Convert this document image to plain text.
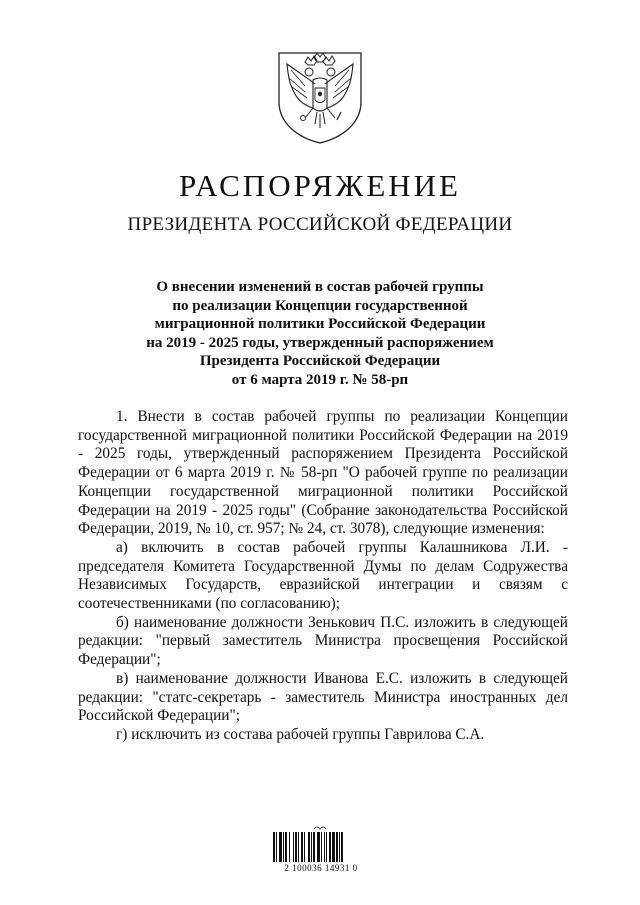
РАСПОРЯЖЕНИЕ
ПРЕЗИДЕНТА РОССИЙСКОЙ ФЕДЕРАЦИИ
О внесении изменений в состав рабочей группы
по реализации Концепции государственной
миграционной политики Российской Федерации
на 2019 - 2025 годы, утвержденный распоряжением
Президента Российской Федерации
от 6 марта 2019 г. № 58-рп

1. Внести в состав рабочей группы по реализации Концепции государственной миграционной политики Российской Федерации на 2019 - 2025 годы, утвержденный распоряжением Президента Российской Федерации от 6 марта 2019 г. № 58-рп "О рабочей группе по реализации Концепции государственной миграционной политики Российской Федерации на 2019 - 2025 годы" (Собрание законодательства Российской Федерации, 2019, № 10, ст. 957; № 24, ст. 3078), следующие изменения:

а) включить в состав рабочей группы Калашникова Л.И. - председателя Комитета Государственной Думы по делам Содружества Независимых Государств, евразийской интеграции и связям с соотечественниками (по согласованию);

б) наименование должности Зенькович П.С. изложить в следующей редакции: "первый заместитель Министра просвещения Российской Федерации";

в) наименование должности Иванова Е.С. изложить в следующей редакции: "статс-секретарь - заместитель Министра иностранных дел Российской Федерации";

г) исключить из состава рабочей группы Гаврилова С.А.

2 100036 14931 0
